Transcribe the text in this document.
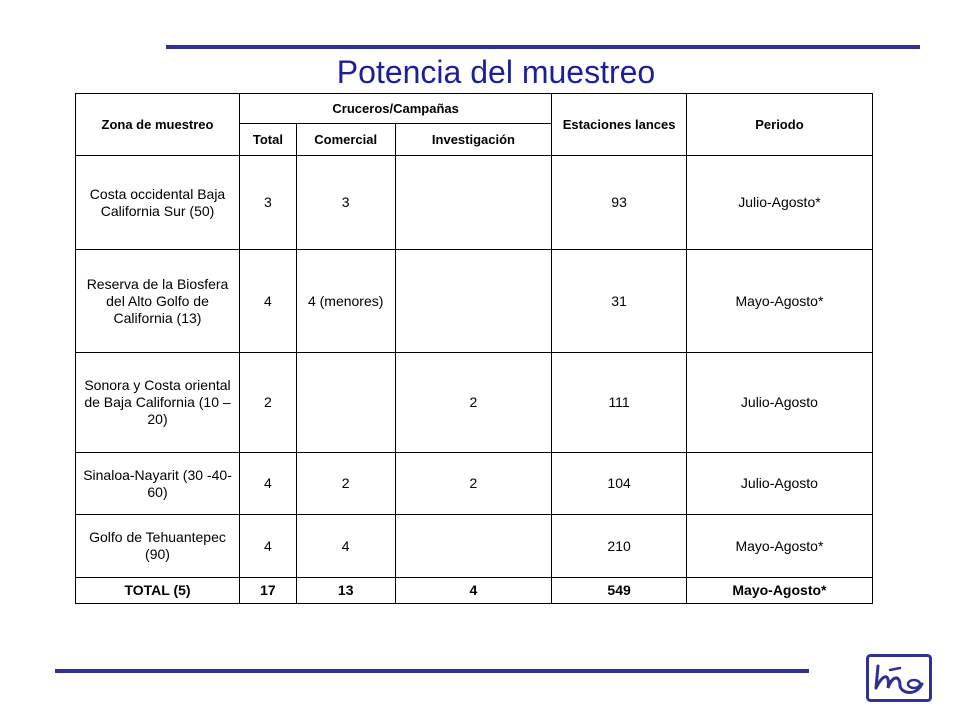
Potencia del muestreo
Zona de muestreo	Cruceros/Campañas			Estaciones lances	Periodo
	Total	Comercial	Investigación		
Costa occidental Baja California Sur (50)	3	3		93	Julio-Agosto*
Reserva de la Biosfera del Alto Golfo de California (13)	4	4 (menores)		31	Mayo-Agosto*
Sonora y Costa oriental de Baja California (10 – 20)	2		2	111	Julio-Agosto
Sinaloa-Nayarit (30 -40- 60)	4	2	2	104	Julio-Agosto
Golfo de Tehuantepec (90)	4	4		210	Mayo-Agosto*
TOTAL (5)	17	13	4	549	Mayo-Agosto*
